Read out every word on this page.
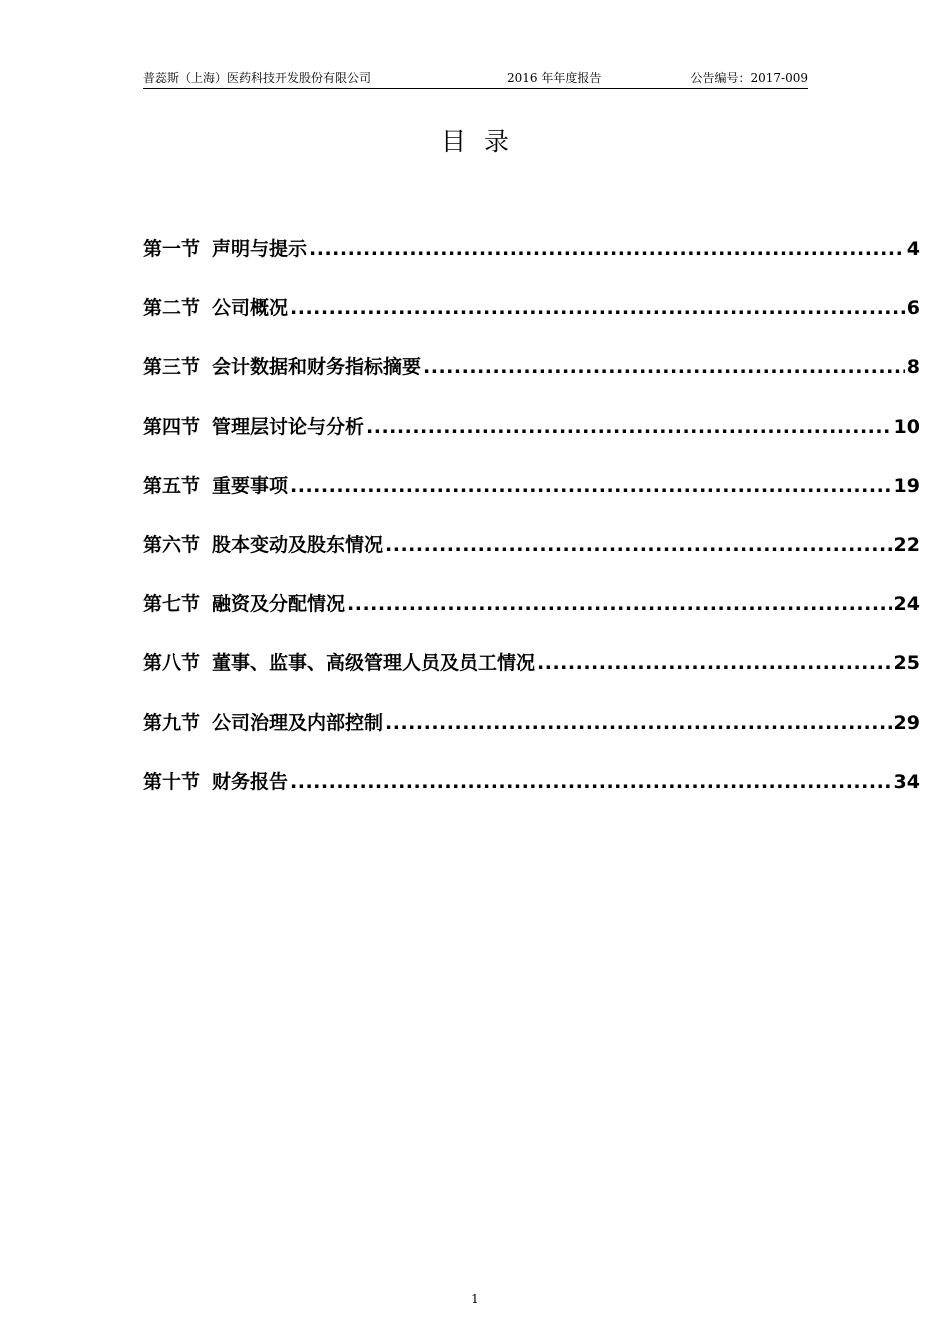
普蕊斯（上海）医药科技开发股份有限公司	2016 年年度报告	公告编号：2017-009
目录
第一节 声明与提示 .....	4
第二节 公司概况 .....	6
第三节 会计数据和财务指标摘要 .....	8
第四节 管理层讨论与分析 .....	10
第五节 重要事项 .....	19
第六节 股本变动及股东情况 .....	22
第七节 融资及分配情况 .....	24
第八节 董事、监事、高级管理人员及员工情况 .....	25
第九节 公司治理及内部控制 .....	29
第十节 财务报告 .....	34
1
